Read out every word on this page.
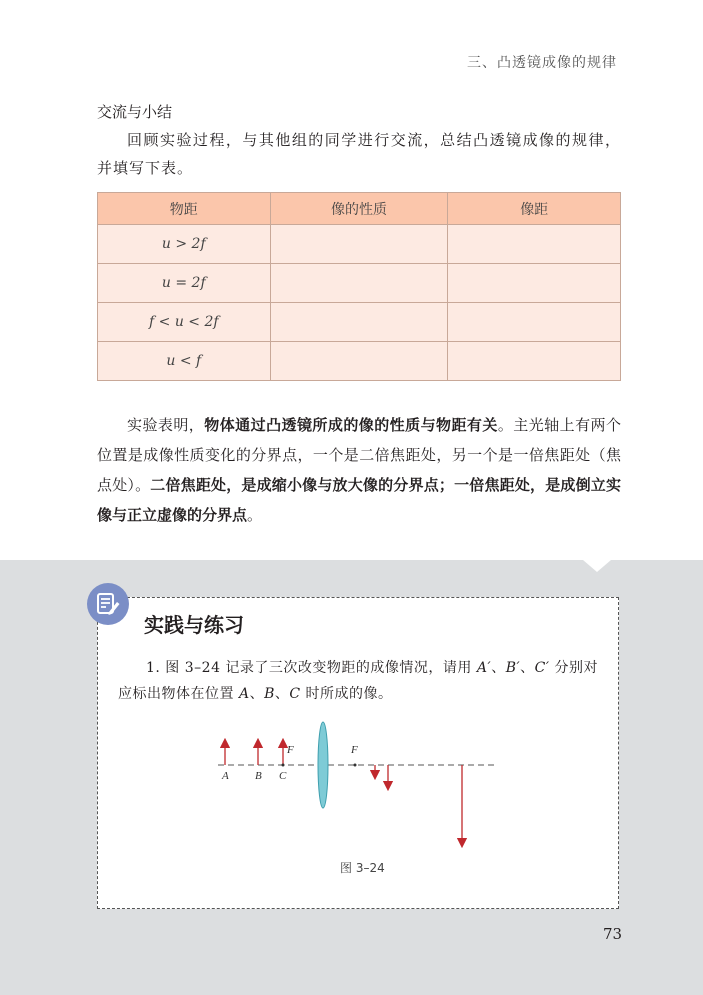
三、凸透镜成像的规律
交流与小结
回顾实验过程，与其他组的同学进行交流，总结凸透镜成像的规律，并填写下表。
物距	像的性质	像距
u > 2f		
u = 2f		
f < u < 2f		
u < f		
实验表明，物体通过凸透镜所成的像的性质与物距有关。主光轴上有两个位置是成像性质变化的分界点，一个是二倍焦距处，另一个是一倍焦距处（焦点处）。二倍焦距处，是成缩小像与放大像的分界点；一倍焦距处，是成倒立实像与正立虚像的分界点。
实践与练习
1. 图 3–24 记录了三次改变物距的成像情况，请用 A′、B′、C′ 分别对应标出物体在位置 A、B、C 时所成的像。
A B C
F	F
图 3–24
73
